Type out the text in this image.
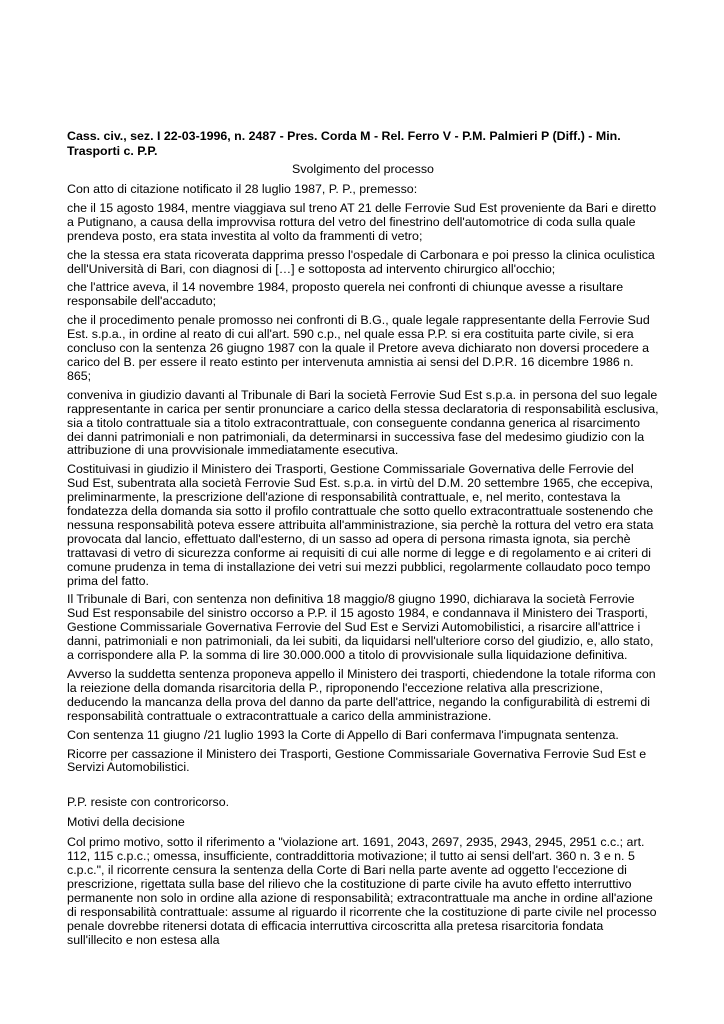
Cass. civ., sez. I 22-03-1996, n. 2487 - Pres. Corda M - Rel. Ferro V - P.M. Palmieri P (Diff.) - Min. Trasporti c. P.P.
Svolgimento del processo
Con atto di citazione notificato il 28 luglio 1987, P. P., premesso:
che il 15 agosto 1984, mentre viaggiava sul treno AT 21 delle Ferrovie Sud Est proveniente da Bari e diretto a Putignano, a causa della improvvisa rottura del vetro del finestrino dell'automotrice di coda sulla quale prendeva posto, era stata investita al volto da frammenti di vetro;
che la stessa era stata ricoverata dapprima presso l'ospedale di Carbonara e poi presso la clinica oculistica dell'Università di Bari, con diagnosi di […] e sottoposta ad intervento chirurgico all'occhio;
che l'attrice aveva, il 14 novembre 1984, proposto querela nei confronti di chiunque avesse a risultare responsabile dell'accaduto;
che il procedimento penale promosso nei confronti di B.G., quale legale rappresentante della Ferrovie Sud Est. s.p.a., in ordine al reato di cui all'art. 590 c.p., nel quale essa P.P. si era costituita parte civile, si era concluso con la sentenza 26 giugno 1987 con la quale il Pretore aveva dichiarato non doversi procedere a carico del B. per essere il reato estinto per intervenuta amnistia ai sensi del D.P.R. 16 dicembre 1986 n. 865;
conveniva in giudizio davanti al Tribunale di Bari la società Ferrovie Sud Est s.p.a. in persona del suo legale rappresentante in carica per sentir pronunciare a carico della stessa declaratoria di responsabilità esclusiva, sia a titolo contrattuale sia a titolo extracontrattuale, con conseguente condanna generica al risarcimento dei danni patrimoniali e non patrimoniali, da determinarsi in successiva fase del medesimo giudizio con la attribuzione di una provvisionale immediatamente esecutiva.
Costituivasi in giudizio il Ministero dei Trasporti, Gestione Commissariale Governativa delle Ferrovie del Sud Est, subentrata alla società Ferrovie Sud Est. s.p.a. in virtù del D.M. 20 settembre 1965, che eccepiva, preliminarmente, la prescrizione dell'azione di responsabilità contrattuale, e, nel merito, contestava la fondatezza della domanda sia sotto il profilo contrattuale che sotto quello extracontrattuale sostenendo che nessuna responsabilità poteva essere attribuita all'amministrazione, sia perchè la rottura del vetro era stata provocata dal lancio, effettuato dall'esterno, di un sasso ad opera di persona rimasta ignota, sia perchè trattavasi di vetro di sicurezza conforme ai requisiti di cui alle norme di legge e di regolamento e ai criteri di comune prudenza in tema di installazione dei vetri sui mezzi pubblici, regolarmente collaudato poco tempo prima del fatto.
Il Tribunale di Bari, con sentenza non definitiva 18 maggio/8 giugno 1990, dichiarava la società Ferrovie Sud Est responsabile del sinistro occorso a P.P. il 15 agosto 1984, e condannava il Ministero dei Trasporti, Gestione Commissariale Governativa Ferrovie del Sud Est e Servizi Automobilistici, a risarcire all'attrice i danni, patrimoniali e non patrimoniali, da lei subiti, da liquidarsi nell'ulteriore corso del giudizio, e, allo stato, a corrispondere alla P. la somma di lire 30.000.000 a titolo di provvisionale sulla liquidazione definitiva.
Avverso la suddetta sentenza proponeva appello il Ministero dei trasporti, chiedendone la totale riforma con la reiezione della domanda risarcitoria della P., riproponendo l'eccezione relativa alla prescrizione, deducendo la mancanza della prova del danno da parte dell'attrice, negando la configurabilità di estremi di responsabilità contrattuale o extracontrattuale a carico della amministrazione.
Con sentenza 11 giugno /21 luglio 1993 la Corte di Appello di Bari confermava l'impugnata sentenza.
Ricorre per cassazione il Ministero dei Trasporti, Gestione Commissariale Governativa Ferrovie Sud Est e Servizi Automobilistici.
P.P. resiste con controricorso.
Motivi della decisione
Col primo motivo, sotto il riferimento a "violazione art. 1691, 2043, 2697, 2935, 2943, 2945, 2951 c.c.; art. 112, 115 c.p.c.; omessa, insufficiente, contraddittoria motivazione; il tutto ai sensi dell'art. 360 n. 3 e n. 5 c.p.c.", il ricorrente censura la sentenza della Corte di Bari nella parte avente ad oggetto l'eccezione di prescrizione, rigettata sulla base del rilievo che la costituzione di parte civile ha avuto effetto interruttivo permanente non solo in ordine alla azione di responsabilità; extracontrattuale ma anche in ordine all'azione di responsabilità contrattuale: assume al riguardo il ricorrente che la costituzione di parte civile nel processo penale dovrebbe ritenersi dotata di efficacia interruttiva circoscritta alla pretesa risarcitoria fondata sull'illecito e non estesa alla
